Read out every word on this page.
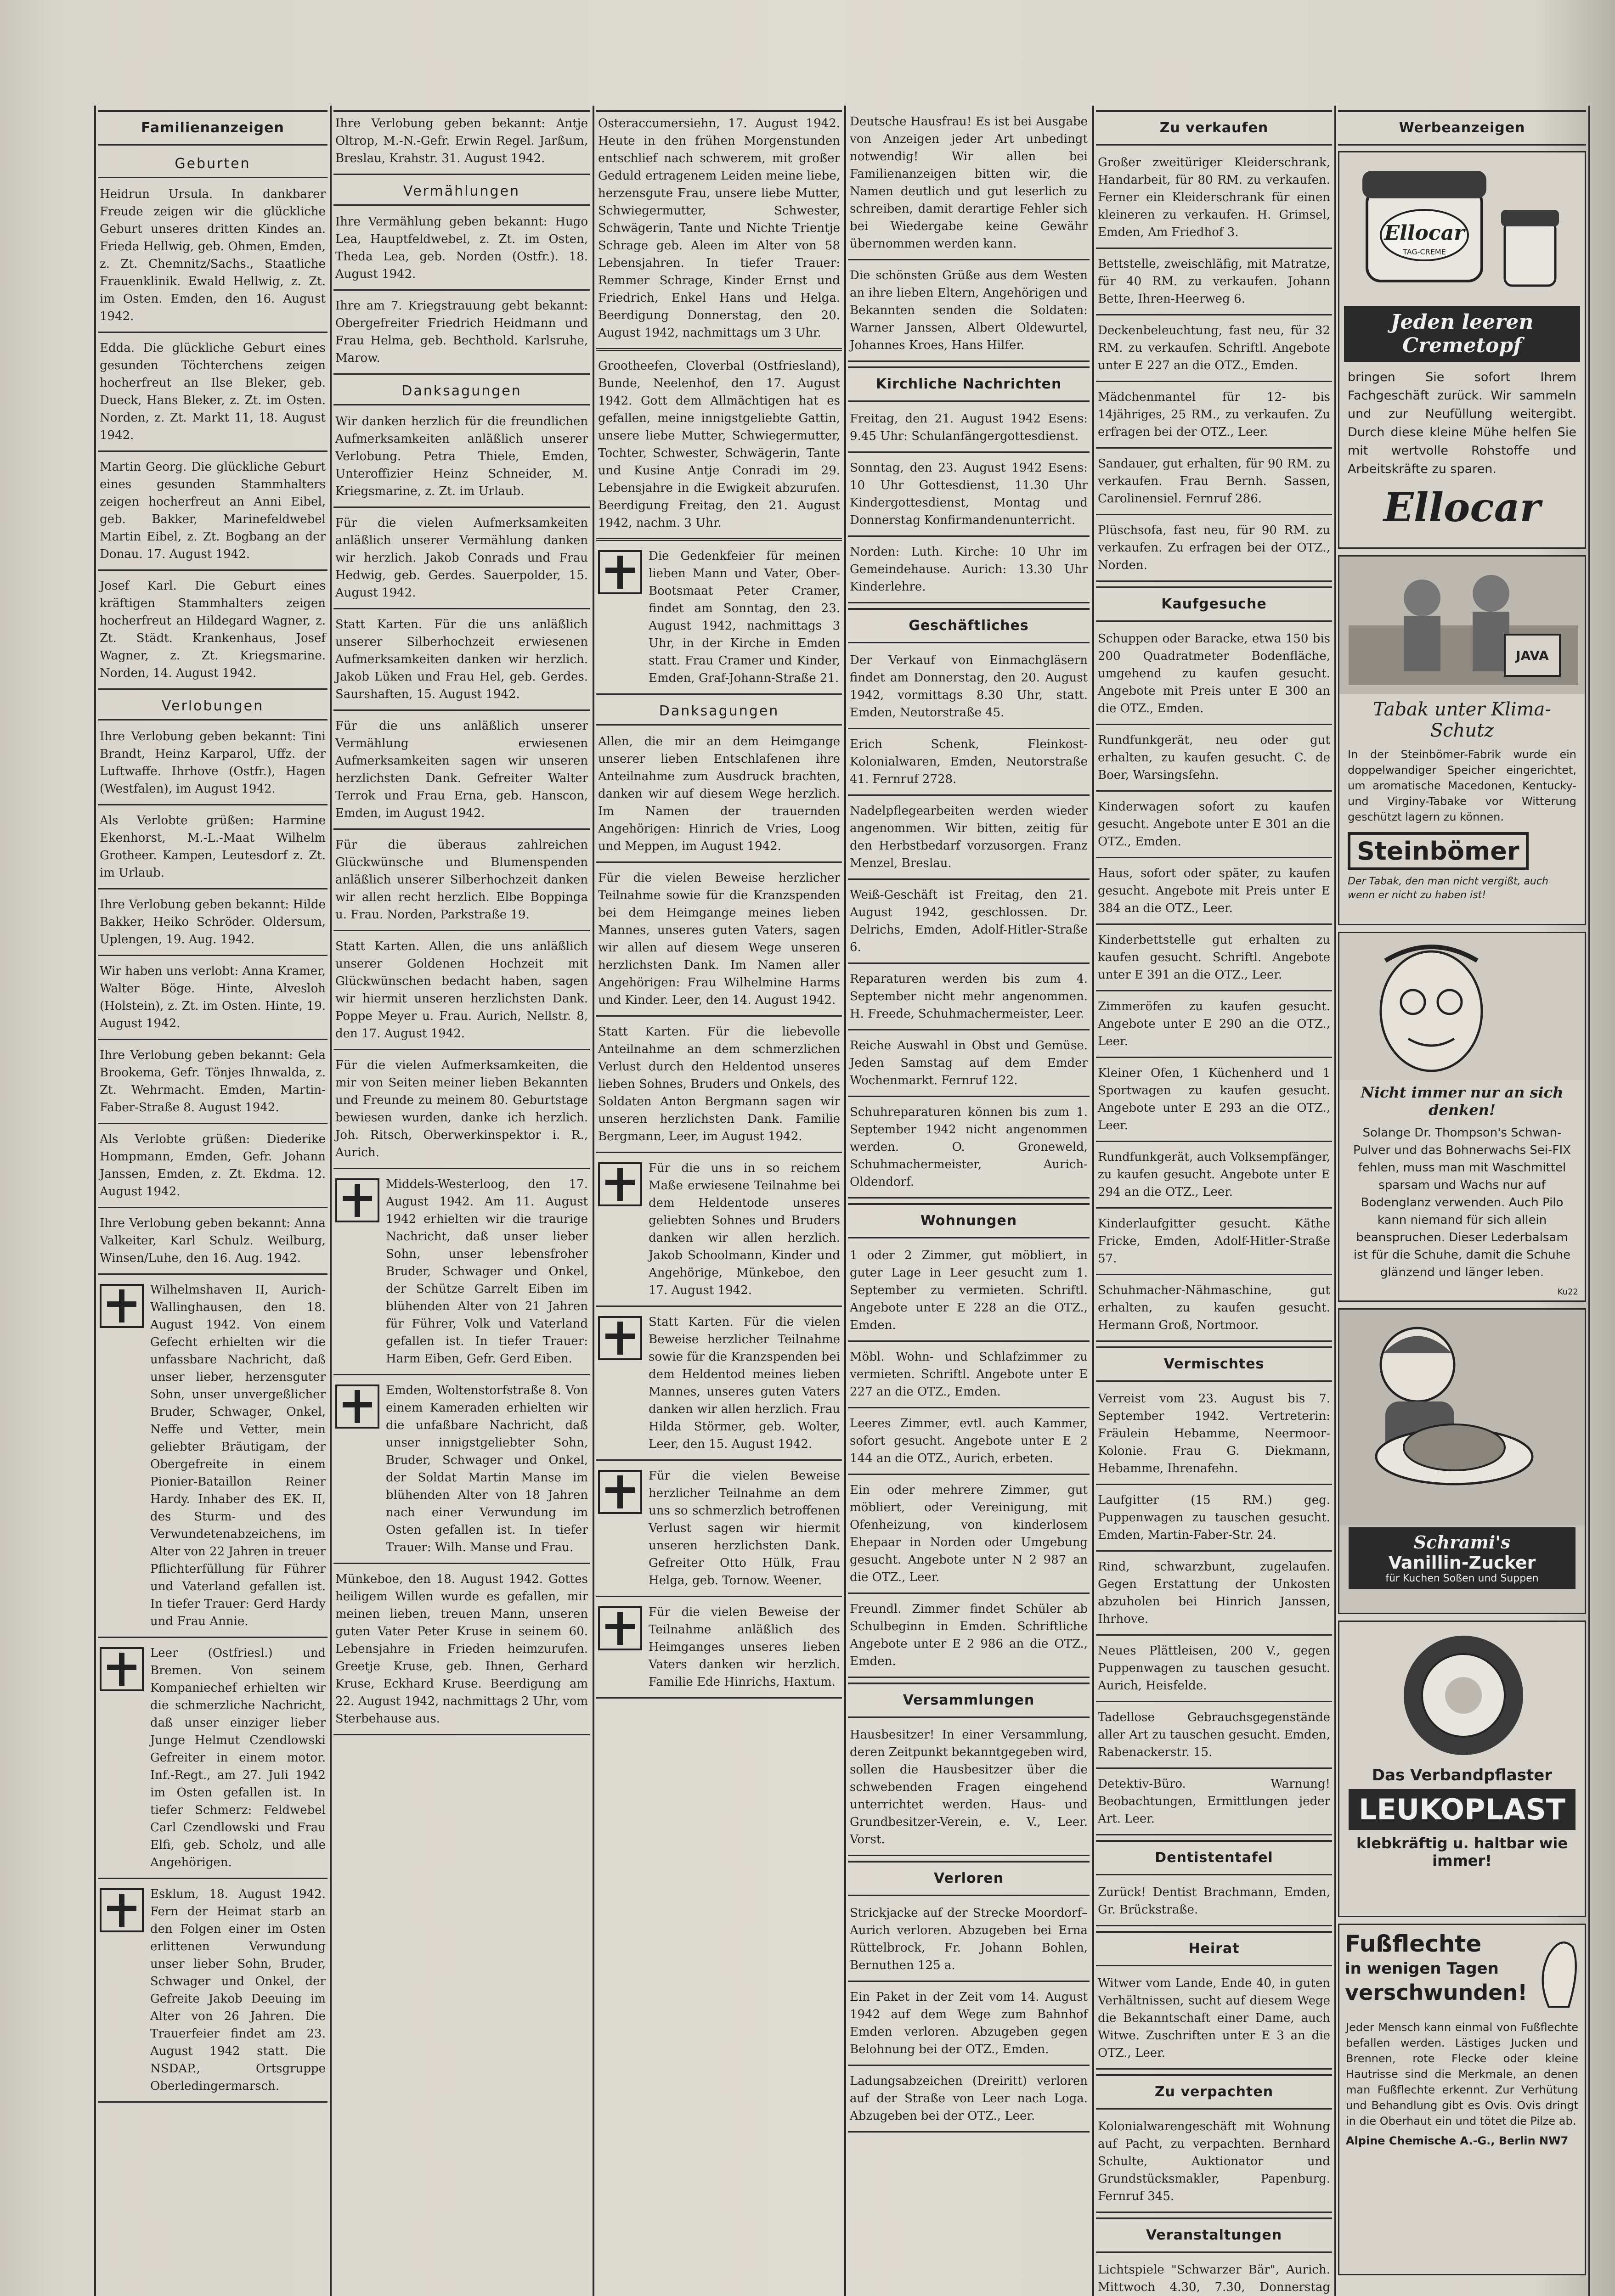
Familienanzeigen
Geburten
Heidrun Ursula. In dankbarer Freude zeigen wir die glückliche Geburt unseres dritten Kindes an. Frieda Hellwig, geb. Ohmen, Emden, z. Zt. Chemnitz/Sachs., Staatliche Frauenklinik. Ewald Hellwig, z. Zt. im Osten. Emden, den 16. August 1942.
Edda. Die glückliche Geburt eines gesunden Töchterchens zeigen hocherfreut an Ilse Bleker, geb. Dueck, Hans Bleker, z. Zt. im Osten. Norden, z. Zt. Markt 11, 18. August 1942.
Martin Georg. Die glückliche Geburt eines gesunden Stammhalters zeigen hocherfreut an Anni Eibel, geb. Bakker, Marinefeldwebel Martin Eibel, z. Zt. Bogbang an der Donau. 17. August 1942.
Josef Karl. Die Geburt eines kräftigen Stammhalters zeigen hocherfreut an Hildegard Wagner, z. Zt. Städt. Krankenhaus, Josef Wagner, z. Zt. Kriegsmarine. Norden, 14. August 1942.
Verlobungen
Ihre Verlobung geben bekannt: Tini Brandt, Heinz Karparol, Uffz. der Luftwaffe. Ihrhove (Ostfr.), Hagen (Westfalen), im August 1942.
Als Verlobte grüßen: Harmine Ekenhorst, M.-L.-Maat Wilhelm Grotheer. Kampen, Leutesdorf z. Zt. im Urlaub.
Ihre Verlobung geben bekannt: Hilde Bakker, Heiko Schröder. Oldersum, Uplengen, 19. Aug. 1942.
Wir haben uns verlobt: Anna Kramer, Walter Böge. Hinte, Alvesloh (Holstein), z. Zt. im Osten. Hinte, 19. August 1942.
Ihre Verlobung geben bekannt: Gela Brookema, Gefr. Tönjes Ihnwalda, z. Zt. Wehrmacht. Emden, Martin-Faber-Straße 8. August 1942.
Als Verlobte grüßen: Diederike Hompmann, Emden, Gefr. Johann Janssen, Emden, z. Zt. Ekdma. 12. August 1942.
Ihre Verlobung geben bekannt: Anna Valkeiter, Karl Schulz. Weilburg, Winsen/Luhe, den 16. Aug. 1942.
Wilhelmshaven II, Aurich-Wallinghausen, den 18. August 1942. Von einem Gefecht erhielten wir die unfassbare Nachricht, daß unser lieber, herzensguter Sohn, unser unvergeßlicher Bruder, Schwager, Onkel, Neffe und Vetter, mein geliebter Bräutigam, der Obergefreite in einem Pionier-Bataillon Reiner Hardy. Inhaber des EK. II, des Sturm- und des Verwundetenabzeichens, im Alter von 22 Jahren in treuer Pflichterfüllung für Führer und Vaterland gefallen ist. In tiefer Trauer: Gerd Hardy und Frau Annie.
Leer (Ostfriesl.) und Bremen. Von seinem Kompaniechef erhielten wir die schmerzliche Nachricht, daß unser einziger lieber Junge Helmut Czendlowski Gefreiter in einem motor. Inf.-Regt., am 27. Juli 1942 im Osten gefallen ist. In tiefer Schmerz: Feldwebel Carl Czendlowski und Frau Elfi, geb. Scholz, und alle Angehörigen.
Esklum, 18. August 1942. Fern der Heimat starb an den Folgen einer im Osten erlittenen Verwundung unser lieber Sohn, Bruder, Schwager und Onkel, der Gefreite Jakob Deeuing im Alter von 26 Jahren. Die Trauerfeier findet am 23. August 1942 statt. Die NSDAP., Ortsgruppe Oberledingermarsch.
Ihre Verlobung geben bekannt: Antje Oltrop, M.-N.-Gefr. Erwin Regel. Jarßum, Breslau, Krahstr. 31. August 1942.
Vermählungen
Ihre Vermählung geben bekannt: Hugo Lea, Hauptfeldwebel, z. Zt. im Osten, Theda Lea, geb. Norden (Ostfr.). 18. August 1942.
Ihre am 7. Kriegstrauung gebt bekannt: Obergefreiter Friedrich Heidmann und Frau Helma, geb. Bechthold. Karlsruhe, Marow.
Danksagungen
Wir danken herzlich für die freundlichen Aufmerksamkeiten anläßlich unserer Verlobung. Petra Thiele, Emden, Unteroffizier Heinz Schneider, M. Kriegsmarine, z. Zt. im Urlaub.
Für die vielen Aufmerksamkeiten anläßlich unserer Vermählung danken wir herzlich. Jakob Conrads und Frau Hedwig, geb. Gerdes. Sauerpolder, 15. August 1942.
Statt Karten. Für die uns anläßlich unserer Silberhochzeit erwiesenen Aufmerksamkeiten danken wir herzlich. Jakob Lüken und Frau Hel, geb. Gerdes. Saurshaften, 15. August 1942.
Für die uns anläßlich unserer Vermählung erwiesenen Aufmerksamkeiten sagen wir unseren herzlichsten Dank. Gefreiter Walter Terrok und Frau Erna, geb. Hanscon, Emden, im August 1942.
Für die überaus zahlreichen Glückwünsche und Blumenspenden anläßlich unserer Silberhochzeit danken wir allen recht herzlich. Elbe Boppinga u. Frau. Norden, Parkstraße 19.
Statt Karten. Allen, die uns anläßlich unserer Goldenen Hochzeit mit Glückwünschen bedacht haben, sagen wir hiermit unseren herzlichsten Dank. Poppe Meyer u. Frau. Aurich, Nellstr. 8, den 17. August 1942.
Für die vielen Aufmerksamkeiten, die mir von Seiten meiner lieben Bekannten und Freunde zu meinem 80. Geburtstage bewiesen wurden, danke ich herzlich. Joh. Ritsch, Oberwerkinspektor i. R., Aurich.
Middels-Westerloog, den 17. August 1942. Am 11. August 1942 erhielten wir die traurige Nachricht, daß unser lieber Sohn, unser lebensfroher Bruder, Schwager und Onkel, der Schütze Garrelt Eiben im blühenden Alter von 21 Jahren für Führer, Volk und Vaterland gefallen ist. In tiefer Trauer: Harm Eiben, Gefr. Gerd Eiben.
Emden, Woltenstorfstraße 8. Von einem Kameraden erhielten wir die unfaßbare Nachricht, daß unser innigstgeliebter Sohn, Bruder, Schwager und Onkel, der Soldat Martin Manse im blühenden Alter von 18 Jahren nach einer Verwundung im Osten gefallen ist. In tiefer Trauer: Wilh. Manse und Frau.
Münkeboe, den 18. August 1942. Gottes heiligem Willen wurde es gefallen, mir meinen lieben, treuen Mann, unseren guten Vater Peter Kruse in seinem 60. Lebensjahre in Frieden heimzurufen. Greetje Kruse, geb. Ihnen, Gerhard Kruse, Eckhard Kruse. Beerdigung am 22. August 1942, nachmittags 2 Uhr, vom Sterbehause aus.
Osteraccumersiehn, 17. August 1942. Heute in den frühen Morgenstunden entschlief nach schwerem, mit großer Geduld ertragenem Leiden meine liebe, herzensgute Frau, unsere liebe Mutter, Schwiegermutter, Schwester, Schwägerin, Tante und Nichte Trientje Schrage geb. Aleen im Alter von 58 Lebensjahren. In tiefer Trauer: Remmer Schrage, Kinder Ernst und Friedrich, Enkel Hans und Helga. Beerdigung Donnerstag, den 20. August 1942, nachmittags um 3 Uhr.
Grootheefen, Cloverbal (Ostfriesland), Bunde, Neelenhof, den 17. August 1942. Gott dem Allmächtigen hat es gefallen, meine innigstgeliebte Gattin, unsere liebe Mutter, Schwiegermutter, Tochter, Schwester, Schwägerin, Tante und Kusine Antje Conradi im 29. Lebensjahre in die Ewigkeit abzurufen. Beerdigung Freitag, den 21. August 1942, nachm. 3 Uhr.
Die Gedenkfeier für meinen lieben Mann und Vater, Ober-Bootsmaat Peter Cramer, findet am Sonntag, den 23. August 1942, nachmittags 3 Uhr, in der Kirche in Emden statt. Frau Cramer und Kinder, Emden, Graf-Johann-Straße 21.
Danksagungen
Allen, die mir an dem Heimgange unserer lieben Entschlafenen ihre Anteilnahme zum Ausdruck brachten, danken wir auf diesem Wege herzlich. Im Namen der trauernden Angehörigen: Hinrich de Vries, Loog und Meppen, im August 1942.
Für die vielen Beweise herzlicher Teilnahme sowie für die Kranzspenden bei dem Heimgange meines lieben Mannes, unseres guten Vaters, sagen wir allen auf diesem Wege unseren herzlichsten Dank. Im Namen aller Angehörigen: Frau Wilhelmine Harms und Kinder. Leer, den 14. August 1942.
Statt Karten. Für die liebevolle Anteilnahme an dem schmerzlichen Verlust durch den Heldentod unseres lieben Sohnes, Bruders und Onkels, des Soldaten Anton Bergmann sagen wir unseren herzlichsten Dank. Familie Bergmann, Leer, im August 1942.
Für die uns in so reichem Maße erwiesene Teilnahme bei dem Heldentode unseres geliebten Sohnes und Bruders danken wir allen herzlich. Jakob Schoolmann, Kinder und Angehörige, Münkeboe, den 17. August 1942.
Statt Karten. Für die vielen Beweise herzlicher Teilnahme sowie für die Kranzspenden bei dem Heldentod meines lieben Mannes, unseres guten Vaters danken wir allen herzlich. Frau Hilda Störmer, geb. Wolter, Leer, den 15. August 1942.
Für die vielen Beweise herzlicher Teilnahme an dem uns so schmerzlich betroffenen Verlust sagen wir hiermit unseren herzlichsten Dank. Gefreiter Otto Hülk, Frau Helga, geb. Tornow. Weener.
Für die vielen Beweise der Teilnahme anläßlich des Heimganges unseres lieben Vaters danken wir herzlich. Familie Ede Hinrichs, Haxtum.
Deutsche Hausfrau! Es ist bei Ausgabe von Anzeigen jeder Art unbedingt notwendig! Wir allen bei Familienanzeigen bitten wir, die Namen deutlich und gut leserlich zu schreiben, damit derartige Fehler sich bei Wiedergabe keine Gewähr übernommen werden kann.
Die schönsten Grüße aus dem Westen an ihre lieben Eltern, Angehörigen und Bekannten senden die Soldaten: Warner Janssen, Albert Oldewurtel, Johannes Kroes, Hans Hilfer.
Kirchliche Nachrichten
Freitag, den 21. August 1942 Esens: 9.45 Uhr: Schulanfängergottesdienst.
Sonntag, den 23. August 1942 Esens: 10 Uhr Gottesdienst, 11.30 Uhr Kindergottesdienst, Montag und Donnerstag Konfirmandenunterricht.
Norden: Luth. Kirche: 10 Uhr im Gemeindehause. Aurich: 13.30 Uhr Kinderlehre.
Geschäftliches
Der Verkauf von Einmachgläsern findet am Donnerstag, den 20. August 1942, vormittags 8.30 Uhr, statt. Emden, Neutorstraße 45.
Erich Schenk, Fleinkost-Kolonialwaren, Emden, Neutorstraße 41. Fernruf 2728.
Nadelpflegearbeiten werden wieder angenommen. Wir bitten, zeitig für den Herbstbedarf vorzusorgen. Franz Menzel, Breslau.
Weiß-Geschäft ist Freitag, den 21. August 1942, geschlossen. Dr. Delrichs, Emden, Adolf-Hitler-Straße 6.
Reparaturen werden bis zum 4. September nicht mehr angenommen. H. Freede, Schuhmachermeister, Leer.
Reiche Auswahl in Obst und Gemüse. Jeden Samstag auf dem Emder Wochenmarkt. Fernruf 122.
Schuhreparaturen können bis zum 1. September 1942 nicht angenommen werden. O. Groneweld, Schuhmachermeister, Aurich-Oldendorf.
Wohnungen
1 oder 2 Zimmer, gut möbliert, in guter Lage in Leer gesucht zum 1. September zu vermieten. Schriftl. Angebote unter E 228 an die OTZ., Emden.
Möbl. Wohn- und Schlafzimmer zu vermieten. Schriftl. Angebote unter E 227 an die OTZ., Emden.
Leeres Zimmer, evtl. auch Kammer, sofort gesucht. Angebote unter E 2 144 an die OTZ., Aurich, erbeten.
Ein oder mehrere Zimmer, gut möbliert, oder Vereinigung, mit Ofenheizung, von kinderlosem Ehepaar in Norden oder Umgebung gesucht. Angebote unter N 2 987 an die OTZ., Leer.
Freundl. Zimmer findet Schüler ab Schulbeginn in Emden. Schriftliche Angebote unter E 2 986 an die OTZ., Emden.
Versammlungen
Hausbesitzer! In einer Versammlung, deren Zeitpunkt bekanntgegeben wird, sollen die Hausbesitzer über die schwebenden Fragen eingehend unterrichtet werden. Haus- und Grundbesitzer-Verein, e. V., Leer. Vorst.
Verloren
Strickjacke auf der Strecke Moordorf–Aurich verloren. Abzugeben bei Erna Rüttelbrock, Fr. Johann Bohlen, Bernuthen 125 a.
Ein Paket in der Zeit vom 14. August 1942 auf dem Wege zum Bahnhof Emden verloren. Abzugeben gegen Belohnung bei der OTZ., Emden.
Ladungsabzeichen (Dreiritt) verloren auf der Straße von Leer nach Loga. Abzugeben bei der OTZ., Leer.
Zu verkaufen
Großer zweitüriger Kleiderschrank, Handarbeit, für 80 RM. zu verkaufen. Ferner ein Kleiderschrank für einen kleineren zu verkaufen. H. Grimsel, Emden, Am Friedhof 3.
Bettstelle, zweischläfig, mit Matratze, für 40 RM. zu verkaufen. Johann Bette, Ihren-Heerweg 6.
Deckenbeleuchtung, fast neu, für 32 RM. zu verkaufen. Schriftl. Angebote unter E 227 an die OTZ., Emden.
Mädchenmantel für 12- bis 14jähriges, 25 RM., zu verkaufen. Zu erfragen bei der OTZ., Leer.
Sandauer, gut erhalten, für 90 RM. zu verkaufen. Frau Bernh. Sassen, Carolinensiel. Fernruf 286.
Plüschsofa, fast neu, für 90 RM. zu verkaufen. Zu erfragen bei der OTZ., Norden.
Kaufgesuche
Schuppen oder Baracke, etwa 150 bis 200 Quadratmeter Bodenfläche, umgehend zu kaufen gesucht. Angebote mit Preis unter E 300 an die OTZ., Emden.
Rundfunkgerät, neu oder gut erhalten, zu kaufen gesucht. C. de Boer, Warsingsfehn.
Kinderwagen sofort zu kaufen gesucht. Angebote unter E 301 an die OTZ., Emden.
Haus, sofort oder später, zu kaufen gesucht. Angebote mit Preis unter E 384 an die OTZ., Leer.
Kinderbettstelle gut erhalten zu kaufen gesucht. Schriftl. Angebote unter E 391 an die OTZ., Leer.
Zimmeröfen zu kaufen gesucht. Angebote unter E 290 an die OTZ., Leer.
Kleiner Ofen, 1 Küchenherd und 1 Sportwagen zu kaufen gesucht. Angebote unter E 293 an die OTZ., Leer.
Rundfunkgerät, auch Volksempfänger, zu kaufen gesucht. Angebote unter E 294 an die OTZ., Leer.
Kinderlaufgitter gesucht. Käthe Fricke, Emden, Adolf-Hitler-Straße 57.
Schuhmacher-Nähmaschine, gut erhalten, zu kaufen gesucht. Hermann Groß, Nortmoor.
Vermischtes
Verreist vom 23. August bis 7. September 1942. Vertreterin: Fräulein Hebamme, Neermoor-Kolonie. Frau G. Diekmann, Hebamme, Ihrenafehn.
Laufgitter (15 RM.) geg. Puppenwagen zu tauschen gesucht. Emden, Martin-Faber-Str. 24.
Rind, schwarzbunt, zugelaufen. Gegen Erstattung der Unkosten abzuholen bei Hinrich Janssen, Ihrhove.
Neues Plättleisen, 200 V., gegen Puppenwagen zu tauschen gesucht. Aurich, Heisfelde.
Tadellose Gebrauchsgegenstände aller Art zu tauschen gesucht. Emden, Rabenackerstr. 15.
Detektiv-Büro. Warnung! Beobachtungen, Ermittlungen jeder Art. Leer.
Dentistentafel
Zurück! Dentist Brachmann, Emden, Gr. Brückstraße.
Heirat
Witwer vom Lande, Ende 40, in guten Verhältnissen, sucht auf diesem Wege die Bekanntschaft einer Dame, auch Witwe. Zuschriften unter E 3 an die OTZ., Leer.
Zu verpachten
Kolonialwarengeschäft mit Wohnung auf Pacht, zu verpachten. Bernhard Schulte, Auktionator und Grundstücksmakler, Papenburg. Fernruf 345.
Veranstaltungen
Lichtspiele "Schwarzer Bär", Aurich. Mittwoch 4.30, 7.30, Donnerstag
Werbeanzeigen
Ellocar
TAG-CREME
Jeden leeren Cremetopf
bringen Sie sofort Ihrem Fachgeschäft zurück. Wir sammeln und zur Neufüllung weitergibt. Durch diese kleine Mühe helfen Sie mit wertvolle Rohstoffe und Arbeitskräfte zu sparen.
Ellocar
JAVA
Tabak unter Klima-Schutz
In der Steinbömer-Fabrik wurde ein doppelwandiger Speicher eingerichtet, um aromatische Macedonen, Kentucky- und Virginy-Tabake vor Witterung geschützt lagern zu können.
Steinbömer
Der Tabak, den man nicht vergißt, auch wenn er nicht zu haben ist!
Nicht immer nur an sich denken!
Solange Dr. Thompson's Schwan-Pulver und das Bohnerwachs Sei-FIX fehlen, muss man mit Waschmittel sparsam und Wachs nur auf Bodenglanz verwenden. Auch Pilo kann niemand für sich allein beanspruchen. Dieser Lederbalsam ist für die Schuhe, damit die Schuhe glänzend und länger leben.
Ku22
Schrami's
Vanillin-Zucker
für Kuchen Soßen und Suppen
Das Verbandpflaster
LEUKOPLAST
klebkräftig u. haltbar wie immer!
Fußflechte
in wenigen Tagen
verschwunden!
Jeder Mensch kann einmal von Fußflechte befallen werden. Lästiges Jucken und Brennen, rote Flecke oder kleine Hautrisse sind die Merkmale, an denen man Fußflechte erkennt. Zur Verhütung und Behandlung gibt es Ovis. Ovis dringt in die Oberhaut ein und tötet die Pilze ab.
Alpine Chemische A.-G., Berlin NW7
